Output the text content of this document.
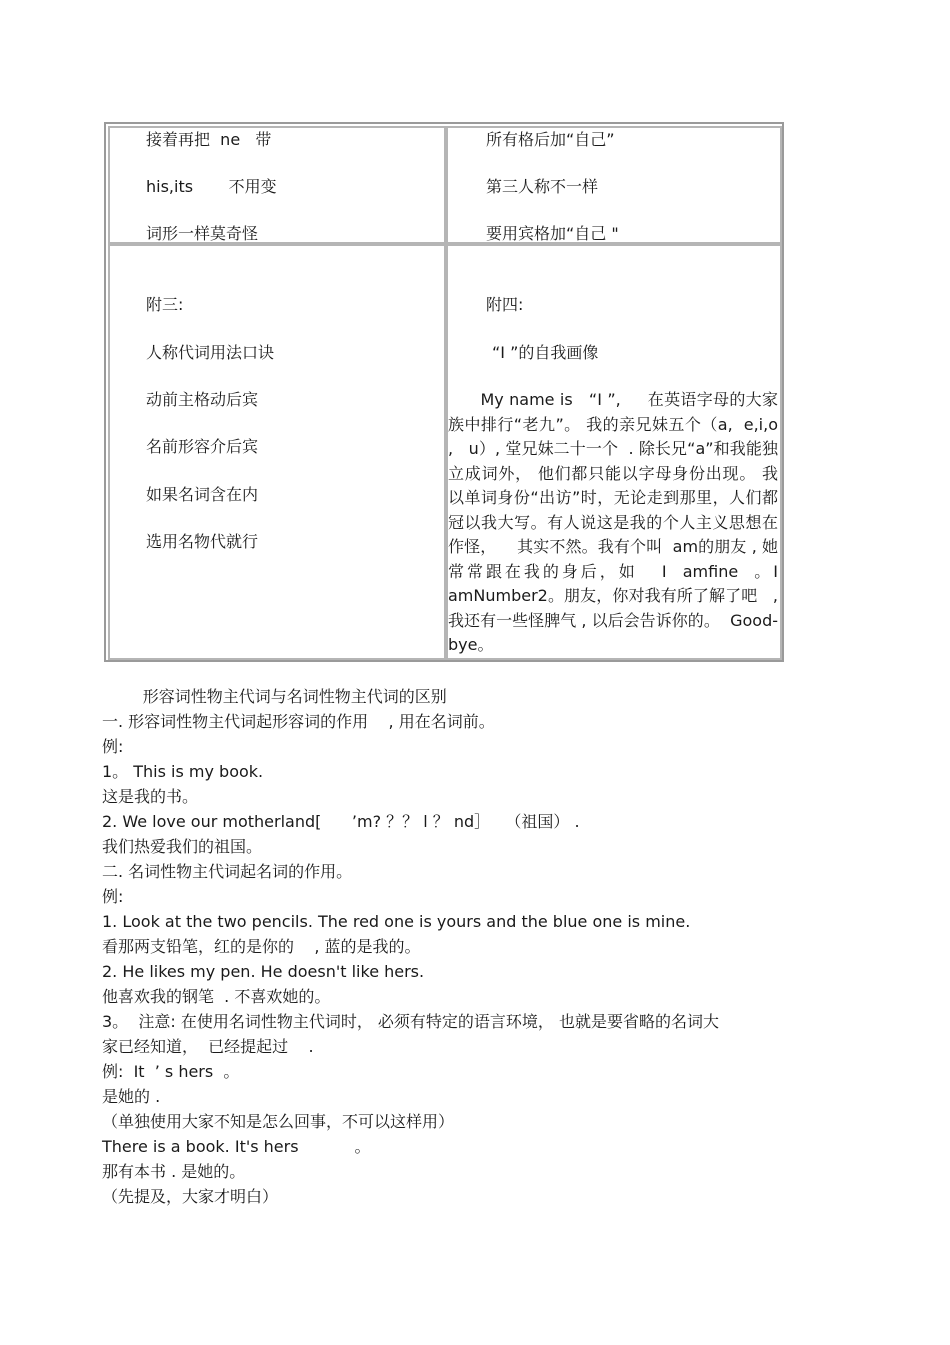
接着再把  ne   带
his,its       不用变
词形一样莫奇怪
所有格后加“自己”
第三人称不一样
要用宾格加“自己 "
附三:
人称代词用法口诀
动前主格动后宾
名前形容介后宾
如果名词含在内
选用名物代就行
附四:
“I ”的自我画像
My name is   “I ”,     在英语字母的大家族中排行“老九”。 我的亲兄妹五个（a,  e,i,o   ,   u）, 堂兄妹二十一个  . 除长兄“a”和我能独立成词外， 他们都只能以字母身份出现。 我以单词身份“出访”时，无论走到那里，人们都冠以我大写。有人说这是我的个人主义思想在作怪，    其实不然。我有个叫  am的朋友 , 她常常跟在我的身后，如   I  amfine  。I  amNumber2。朋友，你对我有所了解了吧   , 我还有一些怪脾气 , 以后会告诉你的。  Good-bye。
形容词性物主代词与名词性物主代词的区别
一. 形容词性物主代词起形容词的作用    , 用在名词前。
例:
1。 This is my book.
这是我的书。
2. We love our motherland[      ’m? ？？ l ？ nd］   （祖国） .
我们热爱我们的祖国。
二. 名词性物主代词起名词的作用。
例:
1. Look at the two pencils. The red one is yours and the blue one is mine.
看那两支铅笔，红的是你的    , 蓝的是我的。
2. He likes my pen. He doesn't like hers.
他喜欢我的钢笔  . 不喜欢她的。
3。  注意: 在使用名词性物主代词时， 必须有特定的语言环境， 也就是要省略的名词大
家已经知道，  已经提起过    .
例:  It  ’ s hers  。
是她的 .
（单独使用大家不知是怎么回事，不可以这样用）
There is a book. It's hers           。
那有本书 . 是她的。
（先提及，大家才明白）
